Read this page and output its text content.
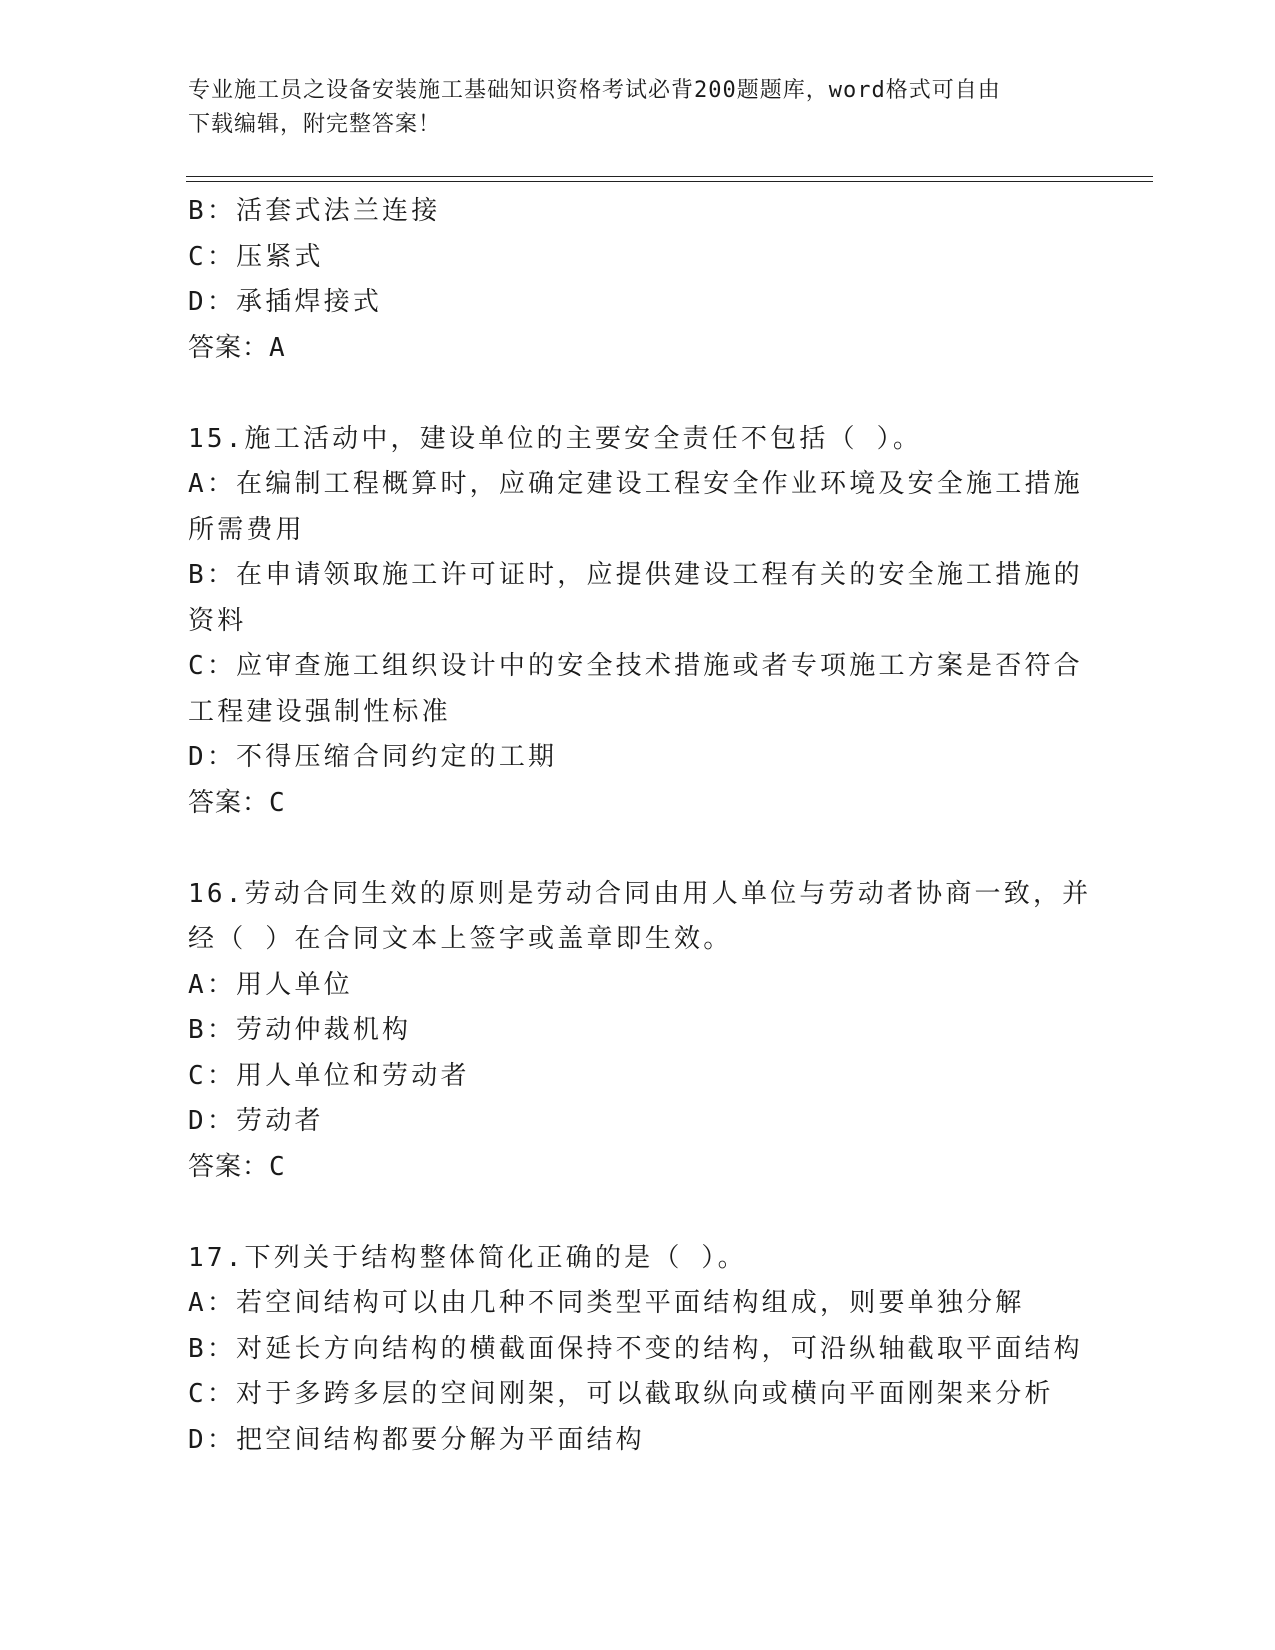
专业施工员之设备安装施工基础知识资格考试必背200题题库，word格式可自由
下载编辑，附完整答案！
B：活套式法兰连接
C：压紧式
D：承插焊接式
答案：A
15.施工活动中，建设单位的主要安全责任不包括（ ）。
A：在编制工程概算时，应确定建设工程安全作业环境及安全施工措施
所需费用
B：在申请领取施工许可证时，应提供建设工程有关的安全施工措施的
资料
C：应审查施工组织设计中的安全技术措施或者专项施工方案是否符合
工程建设强制性标准
D：不得压缩合同约定的工期
答案：C
16.劳动合同生效的原则是劳动合同由用人单位与劳动者协商一致，并
经（ ）在合同文本上签字或盖章即生效。
A：用人单位
B：劳动仲裁机构
C：用人单位和劳动者
D：劳动者
答案：C
17.下列关于结构整体简化正确的是（ ）。
A：若空间结构可以由几种不同类型平面结构组成，则要单独分解
B：对延长方向结构的横截面保持不变的结构，可沿纵轴截取平面结构
C：对于多跨多层的空间刚架，可以截取纵向或横向平面刚架来分析
D：把空间结构都要分解为平面结构
